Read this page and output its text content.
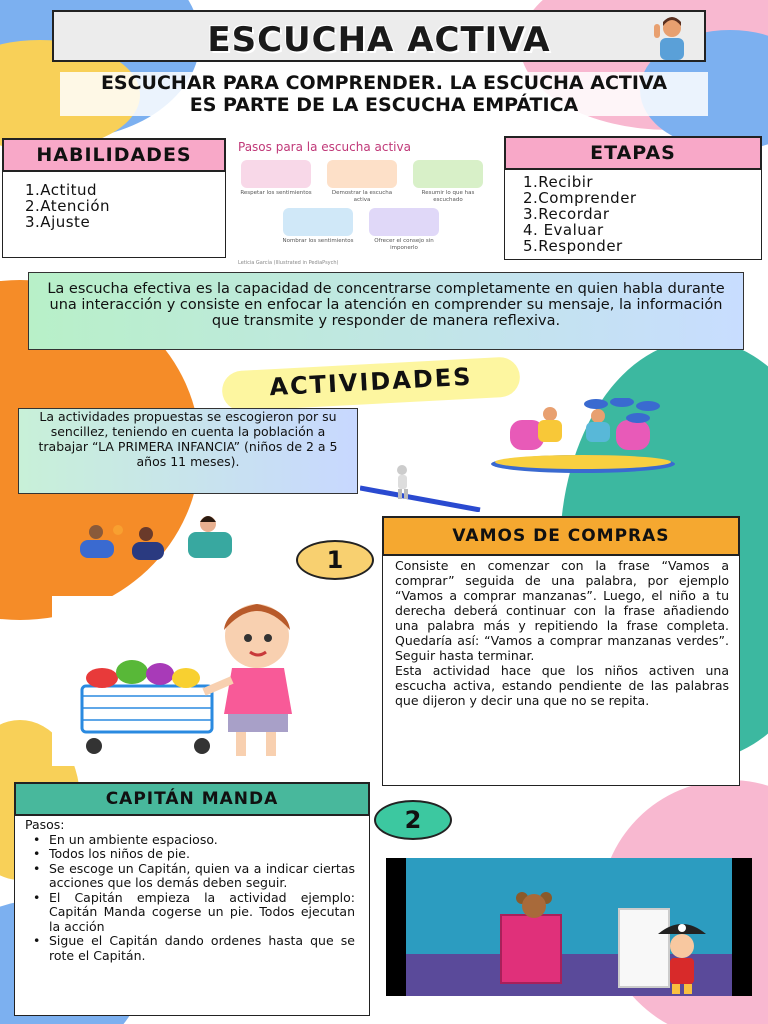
ESCUCHA ACTIVA
ESCUCHAR PARA COMPRENDER. LA ESCUCHA ACTIVA
ES PARTE DE LA ESCUCHA EMPÁTICA
HABILIDADES
1.Actitud
2.Atención
3.Ajuste
Pasos para la escucha activa
Respetar los sentimientos	Demostrar la escucha activa
Resumir lo que has escuchado
Nombrar los sentimientos	Ofrecer el consejo sin imponerlo
Leticia García (Illustrated in PediaPsych)
ETAPAS
1.Recibir
2.Comprender
3.Recordar
4. Evaluar
5.Responder
La escucha efectiva es la capacidad de concentrarse completamente en quien habla durante una interacción y consiste en enfocar la atención en comprender su mensaje, la información que transmite y responder de manera reflexiva.
ACTIVIDADES
La actividades propuestas se escogieron por su sencillez, teniendo en cuenta la población a trabajar “LA PRIMERA INFANCIA” (niños de 2 a 5 años 11 meses).
1
VAMOS DE COMPRAS
Consiste en comenzar con la frase “Vamos a comprar” seguida de una palabra, por ejemplo “Vamos a comprar manzanas”. Luego, el niño a tu derecha deberá continuar con la frase añadiendo una palabra más y repitiendo la frase completa. Quedaría así: “Vamos a comprar manzanas verdes”. Seguir hasta terminar.
Esta actividad hace que los niños activen una escucha activa, estando pendiente de las palabras que dijeron y decir una que no se repita.
CAPITÁN MANDA
Pasos:
• En un ambiente espacioso.
• Todos los niños de pie.
• Se escoge un Capitán, quien va a indicar ciertas acciones que los demás deben seguir.
• El Capitán empieza la actividad ejemplo: Capitán Manda cogerse un pie. Todos ejecutan la acción
• Sigue el Capitán dando ordenes hasta que se rote el Capitán.
2
